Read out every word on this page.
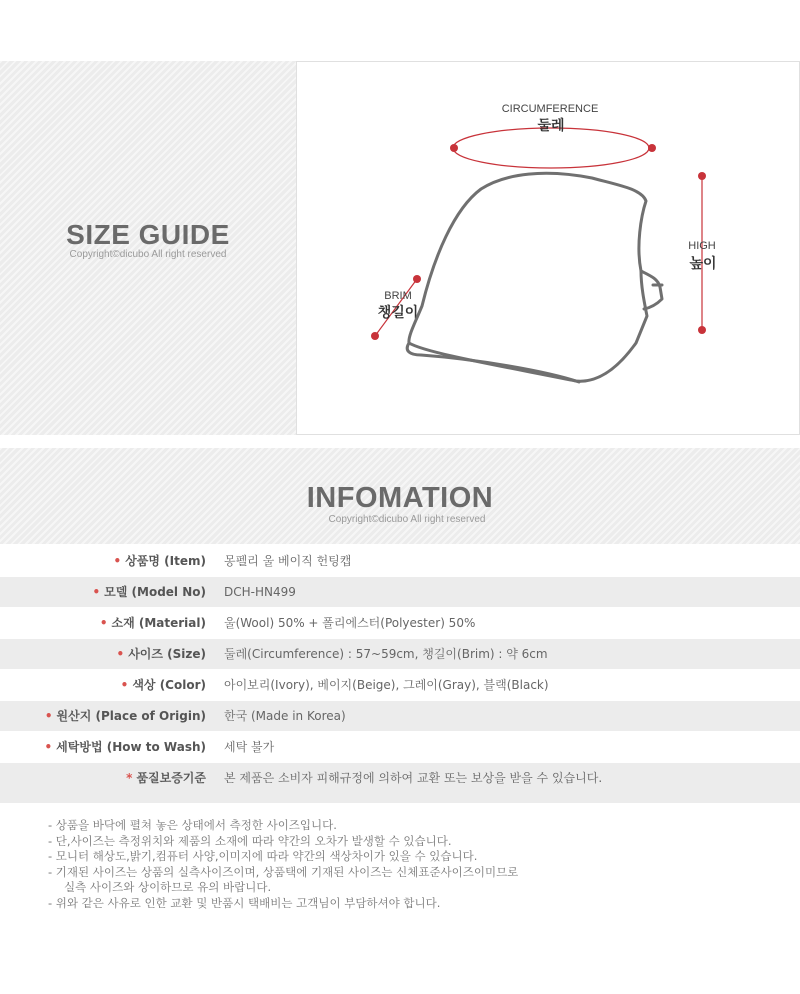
SIZE GUIDE
Copyright©dicubo All right reserved
CIRCUMFERENCE
둘레
HIGH
높이
BRIM
챙길이
INFOMATION
Copyright©dicubo All right reserved
• 상품명 (Item) 몽펠리 울 베이직 헌팅캡
• 모델 (Model No) DCH-HN499
• 소재 (Material) 울(Wool) 50% + 폴리에스터(Polyester) 50%
• 사이즈 (Size) 둘레(Circumference) : 57~59cm, 챙길이(Brim) : 약 6cm
• 색상 (Color) 아이보리(Ivory), 베이지(Beige), 그레이(Gray), 블랙(Black)
• 원산지 (Place of Origin) 한국 (Made in Korea)
• 세탁방법 (How to Wash) 세탁 불가
* 품질보증기준 본 제품은 소비자 피해규정에 의하여 교환 또는 보상을 받을 수 있습니다.
- 상품을 바닥에 펼쳐 놓은 상태에서 측정한 사이즈입니다.
- 단,사이즈는 측정위치와 제품의 소재에 따라 약간의 오차가 발생할 수 있습니다.
- 모니터 해상도,밝기,컴퓨터 사양,이미지에 따라 약간의 색상차이가 있을 수 있습니다.
- 기재된 사이즈는 상품의 실측사이즈이며, 상품택에 기재된 사이즈는 신체표준사이즈이미므로
실측 사이즈와 상이하므로 유의 바랍니다.
- 위와 같은 사유로 인한 교환 및 반품시 택배비는 고객님이 부담하셔야 합니다.
